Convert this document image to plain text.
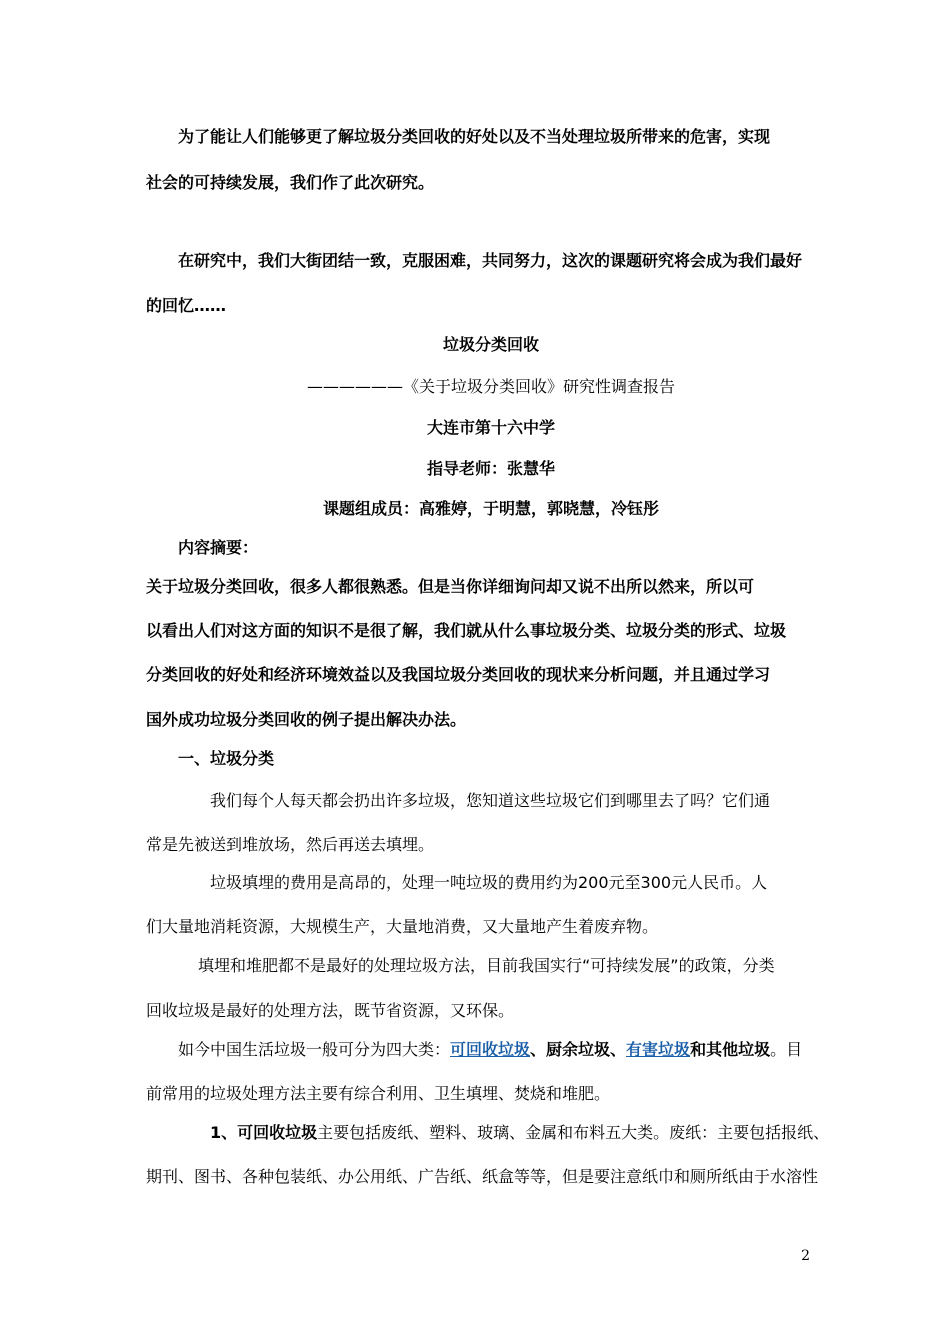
为了能让人们能够更了解垃圾分类回收的好处以及不当处理垃圾所带来的危害，实现
社会的可持续发展，我们作了此次研究。
在研究中，我们大街团结一致，克服困难，共同努力，这次的课题研究将会成为我们最好
的回忆……
垃圾分类回收
——————《关于垃圾分类回收》研究性调查报告
大连市第十六中学
指导老师：张慧华
课题组成员：高雅婷，于明慧，郭晓慧，冷钰彤
内容摘要：
关于垃圾分类回收，很多人都很熟悉。但是当你详细询问却又说不出所以然来，所以可
以看出人们对这方面的知识不是很了解，我们就从什么事垃圾分类、垃圾分类的形式、垃圾
分类回收的好处和经济环境效益以及我国垃圾分类回收的现状来分析问题，并且通过学习
国外成功垃圾分类回收的例子提出解决办法。
一、垃圾分类
我们每个人每天都会扔出许多垃圾，您知道这些垃圾它们到哪里去了吗？它们通
常是先被送到堆放场，然后再送去填埋。
垃圾填埋的费用是高昂的，处理一吨垃圾的费用约为200元至300元人民币。人
们大量地消耗资源，大规模生产，大量地消费，又大量地产生着废弃物。
填埋和堆肥都不是最好的处理垃圾方法，目前我国实行“可持续发展”的政策，分类
回收垃圾是最好的处理方法，既节省资源，又环保。
如今中国生活垃圾一般可分为四大类：可回收垃圾、厨余垃圾、有害垃圾和其他垃圾。目
前常用的垃圾处理方法主要有综合利用、卫生填埋、焚烧和堆肥。
1、可回收垃圾主要包括废纸、塑料、玻璃、金属和布料五大类。废纸：主要包括报纸、
期刊、图书、各种包装纸、办公用纸、广告纸、纸盒等等，但是要注意纸巾和厕所纸由于水溶性
2
